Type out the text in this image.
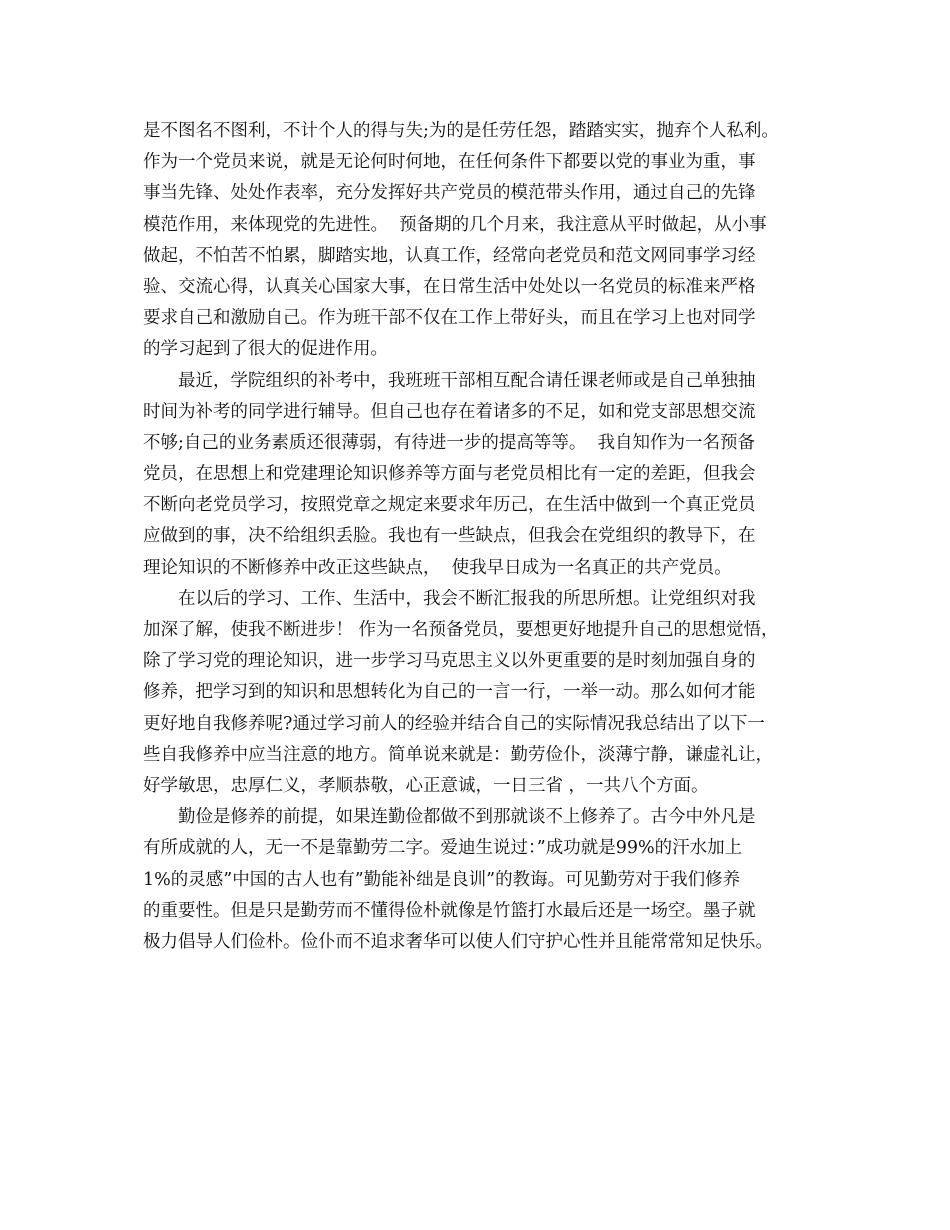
是不图名不图利，不计个人的得与失;为的是任劳任怨，踏踏实实，抛弃个人私利。
作为一个党员来说，就是无论何时何地，在任何条件下都要以党的事业为重，事
事当先锋、处处作表率，充分发挥好共产党员的模范带头作用，通过自己的先锋
模范作用，来体现党的先进性。  预备期的几个月来，我注意从平时做起，从小事
做起，不怕苦不怕累，脚踏实地，认真工作，经常向老党员和范文网同事学习经
验、交流心得，认真关心国家大事，在日常生活中处处以一名党员的标准来严格
要求自己和激励自己。作为班干部不仅在工作上带好头，而且在学习上也对同学
的学习起到了很大的促进作用。
最近，学院组织的补考中，我班班干部相互配合请任课老师或是自己单独抽
时间为补考的同学进行辅导。但自己也存在着诸多的不足，如和党支部思想交流
不够;自己的业务素质还很薄弱，有待进一步的提高等等。  我自知作为一名预备
党员，在思想上和党建理论知识修养等方面与老党员相比有一定的差距，但我会
不断向老党员学习，按照党章之规定来要求年历己，在生活中做到一个真正党员
应做到的事，决不给组织丢脸。我也有一些缺点，但我会在党组织的教导下，在
理论知识的不断修养中改正这些缺点，  使我早日成为一名真正的共产党员。
在以后的学习、工作、生活中，我会不断汇报我的所思所想。让党组织对我
加深了解，使我不断进步！ 作为一名预备党员，要想更好地提升自己的思想觉悟，
除了学习党的理论知识，进一步学习马克思主义以外更重要的是时刻加强自身的
修养，把学习到的知识和思想转化为自己的一言一行，一举一动。那么如何才能
更好地自我修养呢?通过学习前人的经验并结合自己的实际情况我总结出了以下一
些自我修养中应当注意的地方。简单说来就是：勤劳俭仆，淡薄宁静，谦虚礼让，
好学敏思，忠厚仁义，孝顺恭敬，心正意诚，一日三省 ，一共八个方面。
勤俭是修养的前提，如果连勤俭都做不到那就谈不上修养了。古今中外凡是
有所成就的人，无一不是靠勤劳二字。爱迪生说过：”成功就是99%的汗水加上
1%的灵感”中国的古人也有”勤能补绌是良训”的教诲。可见勤劳对于我们修养
的重要性。但是只是勤劳而不懂得俭朴就像是竹篮打水最后还是一场空。墨子就
极力倡导人们俭朴。俭仆而不追求奢华可以使人们守护心性并且能常常知足快乐。
